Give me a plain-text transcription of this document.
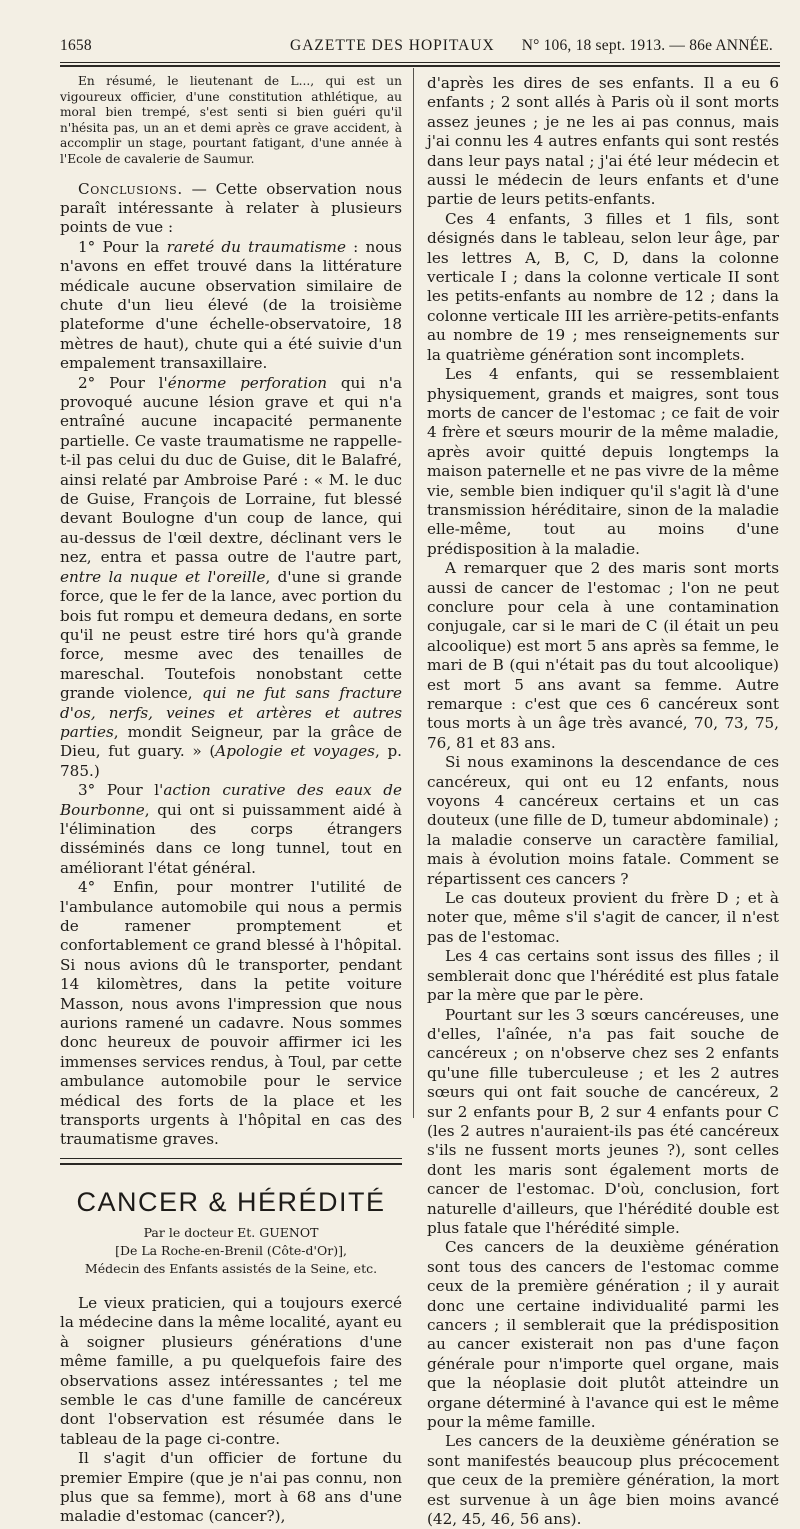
1658	GAZETTE DES HOPITAUX N° 106, 18 sept. 1913. — 86e ANNÉE.

En résumé, le lieutenant de L..., qui est un vigoureux officier, d'une constitution athlétique, au moral bien trempé, s'est senti si bien guéri qu'il n'hésita pas, un an et demi après ce grave accident, à accomplir un stage, pourtant fatigant, d'une année à l'Ecole de cavalerie de Saumur.

Conclusions. — Cette observation nous paraît intéressante à relater à plusieurs points de vue :

1° Pour la rareté du traumatisme : nous n'avons en effet trouvé dans la littérature médicale aucune observation similaire de chute d'un lieu élevé (de la troisième plateforme d'une échelle-observatoire, 18 mètres de haut), chute qui a été suivie d'un empalement transaxillaire.

2° Pour l'énorme perforation qui n'a provoqué aucune lésion grave et qui n'a entraîné aucune incapacité permanente partielle. Ce vaste traumatisme ne rappelle-t-il pas celui du duc de Guise, dit le Balafré, ainsi relaté par Ambroise Paré : « M. le duc de Guise, François de Lorraine, fut blessé devant Boulogne d'un coup de lance, qui au-dessus de l'œil dextre, déclinant vers le nez, entra et passa outre de l'autre part, entre la nuque et l'oreille, d'une si grande force, que le fer de la lance, avec portion du bois fut rompu et demeura dedans, en sorte qu'il ne peust estre tiré hors qu'à grande force, mesme avec des tenailles de mareschal. Toutefois nonobstant cette grande violence, qui ne fut sans fracture d'os, nerfs, veines et artères et autres parties, mondit Seigneur, par la grâce de Dieu, fut guary. » (Apologie et voyages, p. 785.)

3° Pour l'action curative des eaux de Bourbonne, qui ont si puissamment aidé à l'élimination des corps étrangers disséminés dans ce long tunnel, tout en améliorant l'état général.

4° Enfin, pour montrer l'utilité de l'ambulance automobile qui nous a permis de ramener promptement et confortablement ce grand blessé à l'hôpital. Si nous avions dû le transporter, pendant 14 kilomètres, dans la petite voiture Masson, nous avons l'impression que nous aurions ramené un cadavre. Nous sommes donc heureux de pouvoir affirmer ici les immenses services rendus, à Toul, par cette ambulance automobile pour le service médical des forts de la place et les transports urgents à l'hôpital en cas des traumatisme graves.

CANCER & HÉRÉDITÉ
Par le docteur Et. GUENOT
[De La Roche-en-Brenil (Côte-d'Or)],
Médecin des Enfants assistés de la Seine, etc.

Le vieux praticien, qui a toujours exercé la médecine dans la même localité, ayant eu à soigner plusieurs générations d'une même famille, a pu quelquefois faire des observations assez intéressantes ; tel me semble le cas d'une famille de cancéreux dont l'observation est résumée dans le tableau de la page ci-contre.

Il s'agit d'un officier de fortune du premier Empire (que je n'ai pas connu, non plus que sa femme), mort à 68 ans d'une maladie d'estomac (cancer?),

d'après les dires de ses enfants. Il a eu 6 enfants ; 2 sont allés à Paris où il sont morts assez jeunes ; je ne les ai pas connus, mais j'ai connu les 4 autres enfants qui sont restés dans leur pays natal ; j'ai été leur médecin et aussi le médecin de leurs enfants et d'une partie de leurs petits-enfants.

Ces 4 enfants, 3 filles et 1 fils, sont désignés dans le tableau, selon leur âge, par les lettres A, B, C, D, dans la colonne verticale I ; dans la colonne verticale II sont les petits-enfants au nombre de 12 ; dans la colonne verticale III les arrière-petits-enfants au nombre de 19 ; mes renseignements sur la quatrième génération sont incomplets.

Les 4 enfants, qui se ressemblaient physiquement, grands et maigres, sont tous morts de cancer de l'estomac ; ce fait de voir 4 frère et sœurs mourir de la même maladie, après avoir quitté depuis longtemps la maison paternelle et ne pas vivre de la même vie, semble bien indiquer qu'il s'agit là d'une transmission héréditaire, sinon de la maladie elle-même, tout au moins d'une prédisposition à la maladie.

A remarquer que 2 des maris sont morts aussi de cancer de l'estomac ; l'on ne peut conclure pour cela à une contamination conjugale, car si le mari de C (il était un peu alcoolique) est mort 5 ans après sa femme, le mari de B (qui n'était pas du tout alcoolique) est mort 5 ans avant sa femme. Autre remarque : c'est que ces 6 cancéreux sont tous morts à un âge très avancé, 70, 73, 75, 76, 81 et 83 ans.

Si nous examinons la descendance de ces cancéreux, qui ont eu 12 enfants, nous voyons 4 cancéreux certains et un cas douteux (une fille de D, tumeur abdominale) ; la maladie conserve un caractère familial, mais à évolution moins fatale. Comment se répartissent ces cancers ?

Le cas douteux provient du frère D ; et à noter que, même s'il s'agit de cancer, il n'est pas de l'estomac.

Les 4 cas certains sont issus des filles ; il semblerait donc que l'hérédité est plus fatale par la mère que par le père.

Pourtant sur les 3 sœurs cancéreuses, une d'elles, l'aînée, n'a pas fait souche de cancéreux ; on n'observe chez ses 2 enfants qu'une fille tuberculeuse ; et les 2 autres sœurs qui ont fait souche de cancéreux, 2 sur 2 enfants pour B, 2 sur 4 enfants pour C (les 2 autres n'auraient-ils pas été cancéreux s'ils ne fussent morts jeunes ?), sont celles dont les maris sont également morts de cancer de l'estomac. D'où, conclusion, fort naturelle d'ailleurs, que l'hérédité double est plus fatale que l'hérédité simple.

Ces cancers de la deuxième génération sont tous des cancers de l'estomac comme ceux de la première génération ; il y aurait donc une certaine individualité parmi les cancers ; il semblerait que la prédisposition au cancer existerait non pas d'une façon générale pour n'importe quel organe, mais que la néoplasie doit plutôt atteindre un organe déterminé à l'avance qui est le même pour la même famille.

Les cancers de la deuxième génération se sont manifestés beaucoup plus précocement que ceux de la première génération, la mort est survenue à un âge bien moins avancé (42, 45, 46, 56 ans).
